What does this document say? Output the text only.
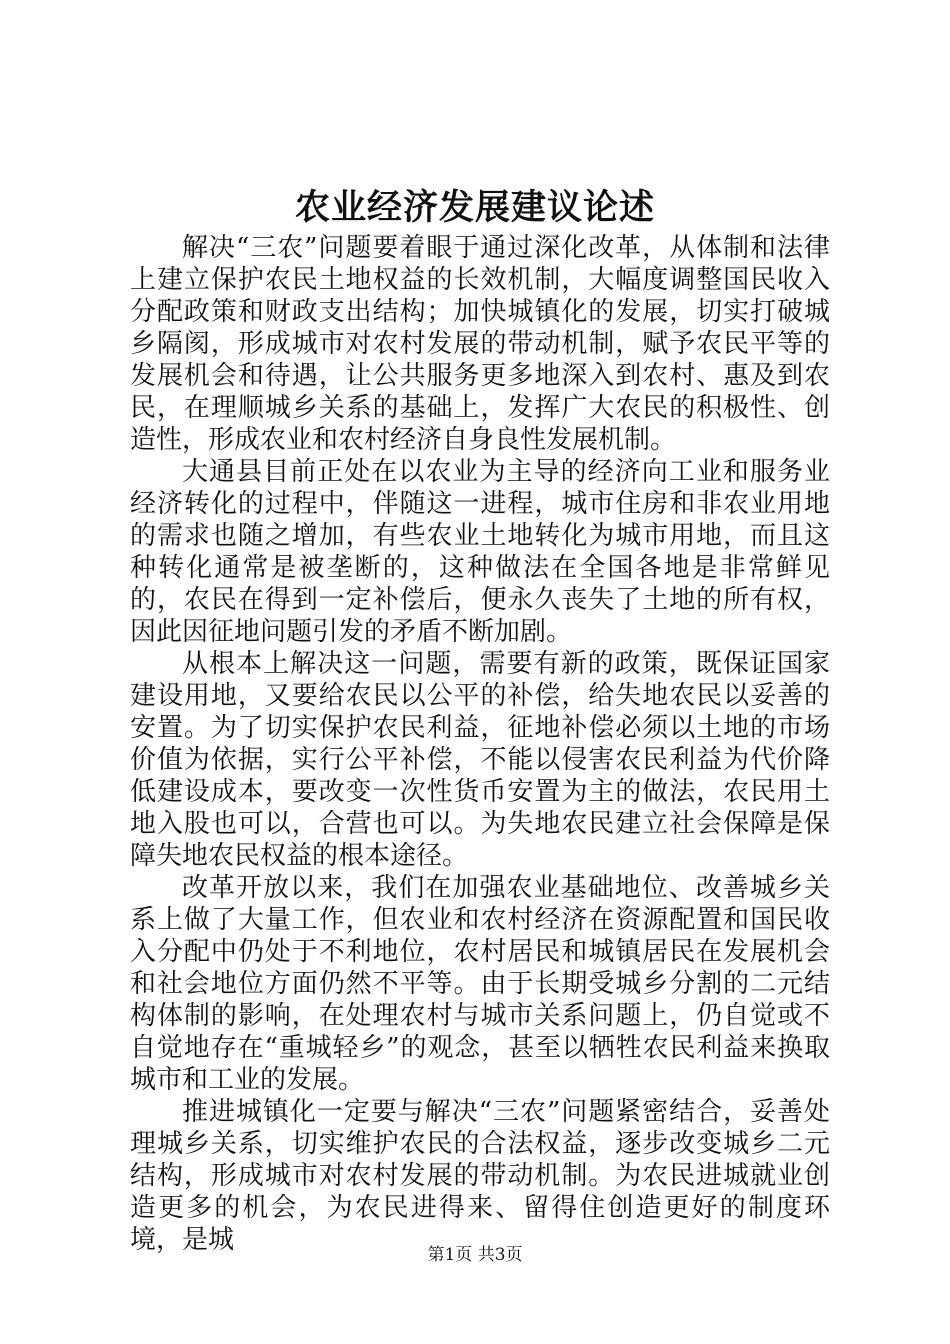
农业经济发展建议论述

解决“三农”问题要着眼于通过深化改革，从体制和法律上建立保护农民土地权益的长效机制，大幅度调整国民收入分配政策和财政支出结构；加快城镇化的发展，切实打破城乡隔阂，形成城市对农村发展的带动机制，赋予农民平等的发展机会和待遇，让公共服务更多地深入到农村、惠及到农民，在理顺城乡关系的基础上，发挥广大农民的积极性、创造性，形成农业和农村经济自身良性发展机制。

大通县目前正处在以农业为主导的经济向工业和服务业经济转化的过程中，伴随这一进程，城市住房和非农业用地的需求也随之增加，有些农业土地转化为城市用地，而且这种转化通常是被垄断的，这种做法在全国各地是非常鲜见的，农民在得到一定补偿后，便永久丧失了土地的所有权，因此因征地问题引发的矛盾不断加剧。

从根本上解决这一问题，需要有新的政策，既保证国家建设用地，又要给农民以公平的补偿，给失地农民以妥善的安置。为了切实保护农民利益，征地补偿必须以土地的市场价值为依据，实行公平补偿，不能以侵害农民利益为代价降低建设成本，要改变一次性货币安置为主的做法，农民用土地入股也可以，合营也可以。为失地农民建立社会保障是保障失地农民权益的根本途径。

改革开放以来，我们在加强农业基础地位、改善城乡关系上做了大量工作，但农业和农村经济在资源配置和国民收入分配中仍处于不利地位，农村居民和城镇居民在发展机会和社会地位方面仍然不平等。由于长期受城乡分割的二元结构体制的影响，在处理农村与城市关系问题上，仍自觉或不自觉地存在“重城轻乡”的观念，甚至以牺牲农民利益来换取城市和工业的发展。

推进城镇化一定要与解决“三农”问题紧密结合，妥善处理城乡关系，切实维护农民的合法权益，逐步改变城乡二元结构，形成城市对农村发展的带动机制。为农民进城就业创造更多的机会，为农民进得来、留得住创造更好的制度环境，是城	第1页 共3页
